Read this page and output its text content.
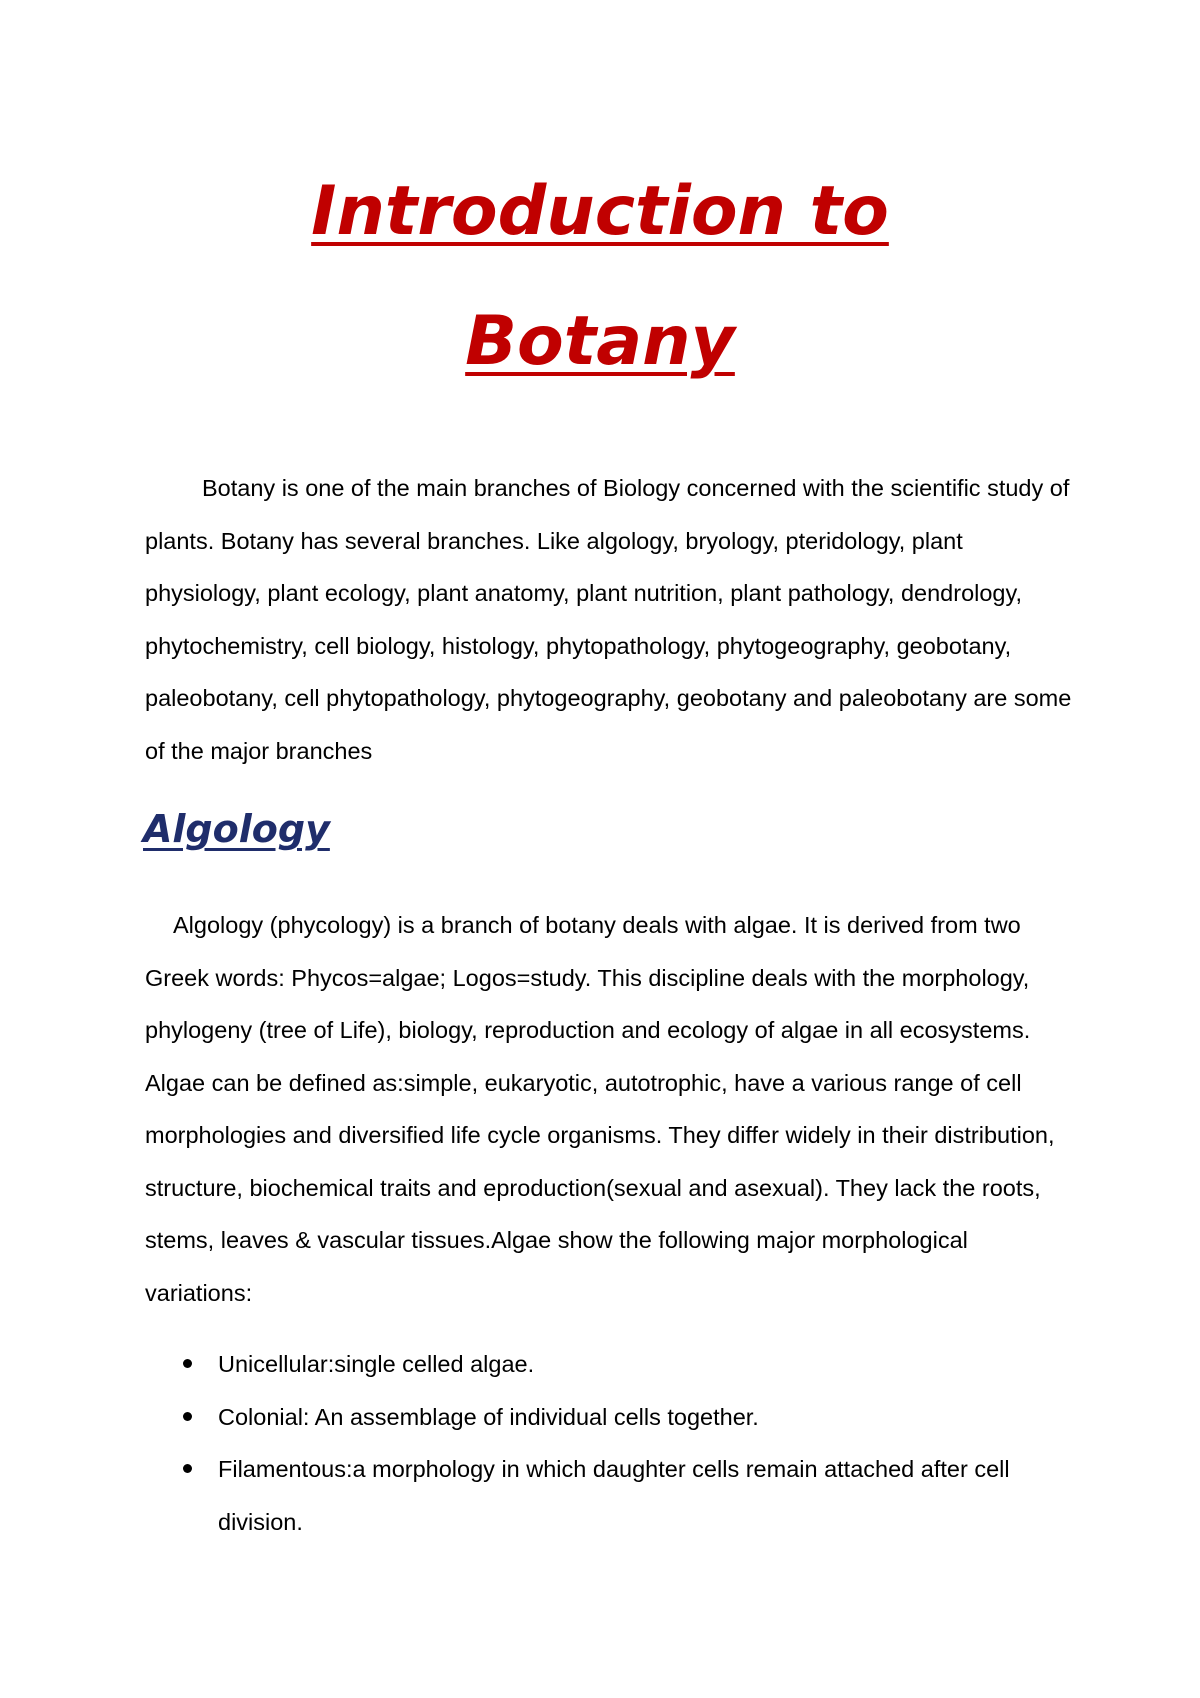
Introduction to
Botany

Botany is one of the main branches of Biology concerned with the scientific study of plants. Botany has several branches. Like algology, bryology, pteridology, plant physiology, plant ecology, plant anatomy, plant nutrition, plant pathology, dendrology, phytochemistry, cell biology, histology, phytopathology, phytogeography, geobotany, paleobotany, cell phytopathology, phytogeography, geobotany and paleobotany are some of the major branches

Algology

Algology (phycology) is a branch of botany deals with algae. It is derived from two Greek words: Phycos=algae; Logos=study. This discipline deals with the morphology, phylogeny (tree of Life), biology, reproduction and ecology of algae in all ecosystems. Algae can be defined as:simple, eukaryotic, autotrophic, have a various range of cell morphologies and diversified life cycle organisms. They differ widely in their distribution, structure, biochemical traits and eproduction(sexual and asexual). They lack the roots, stems, leaves & vascular tissues.Algae show the following major morphological variations:

Unicellular:single celled algae.
Colonial: An assemblage of individual cells together.
Filamentous:a morphology in which daughter cells remain attached after cell division.
